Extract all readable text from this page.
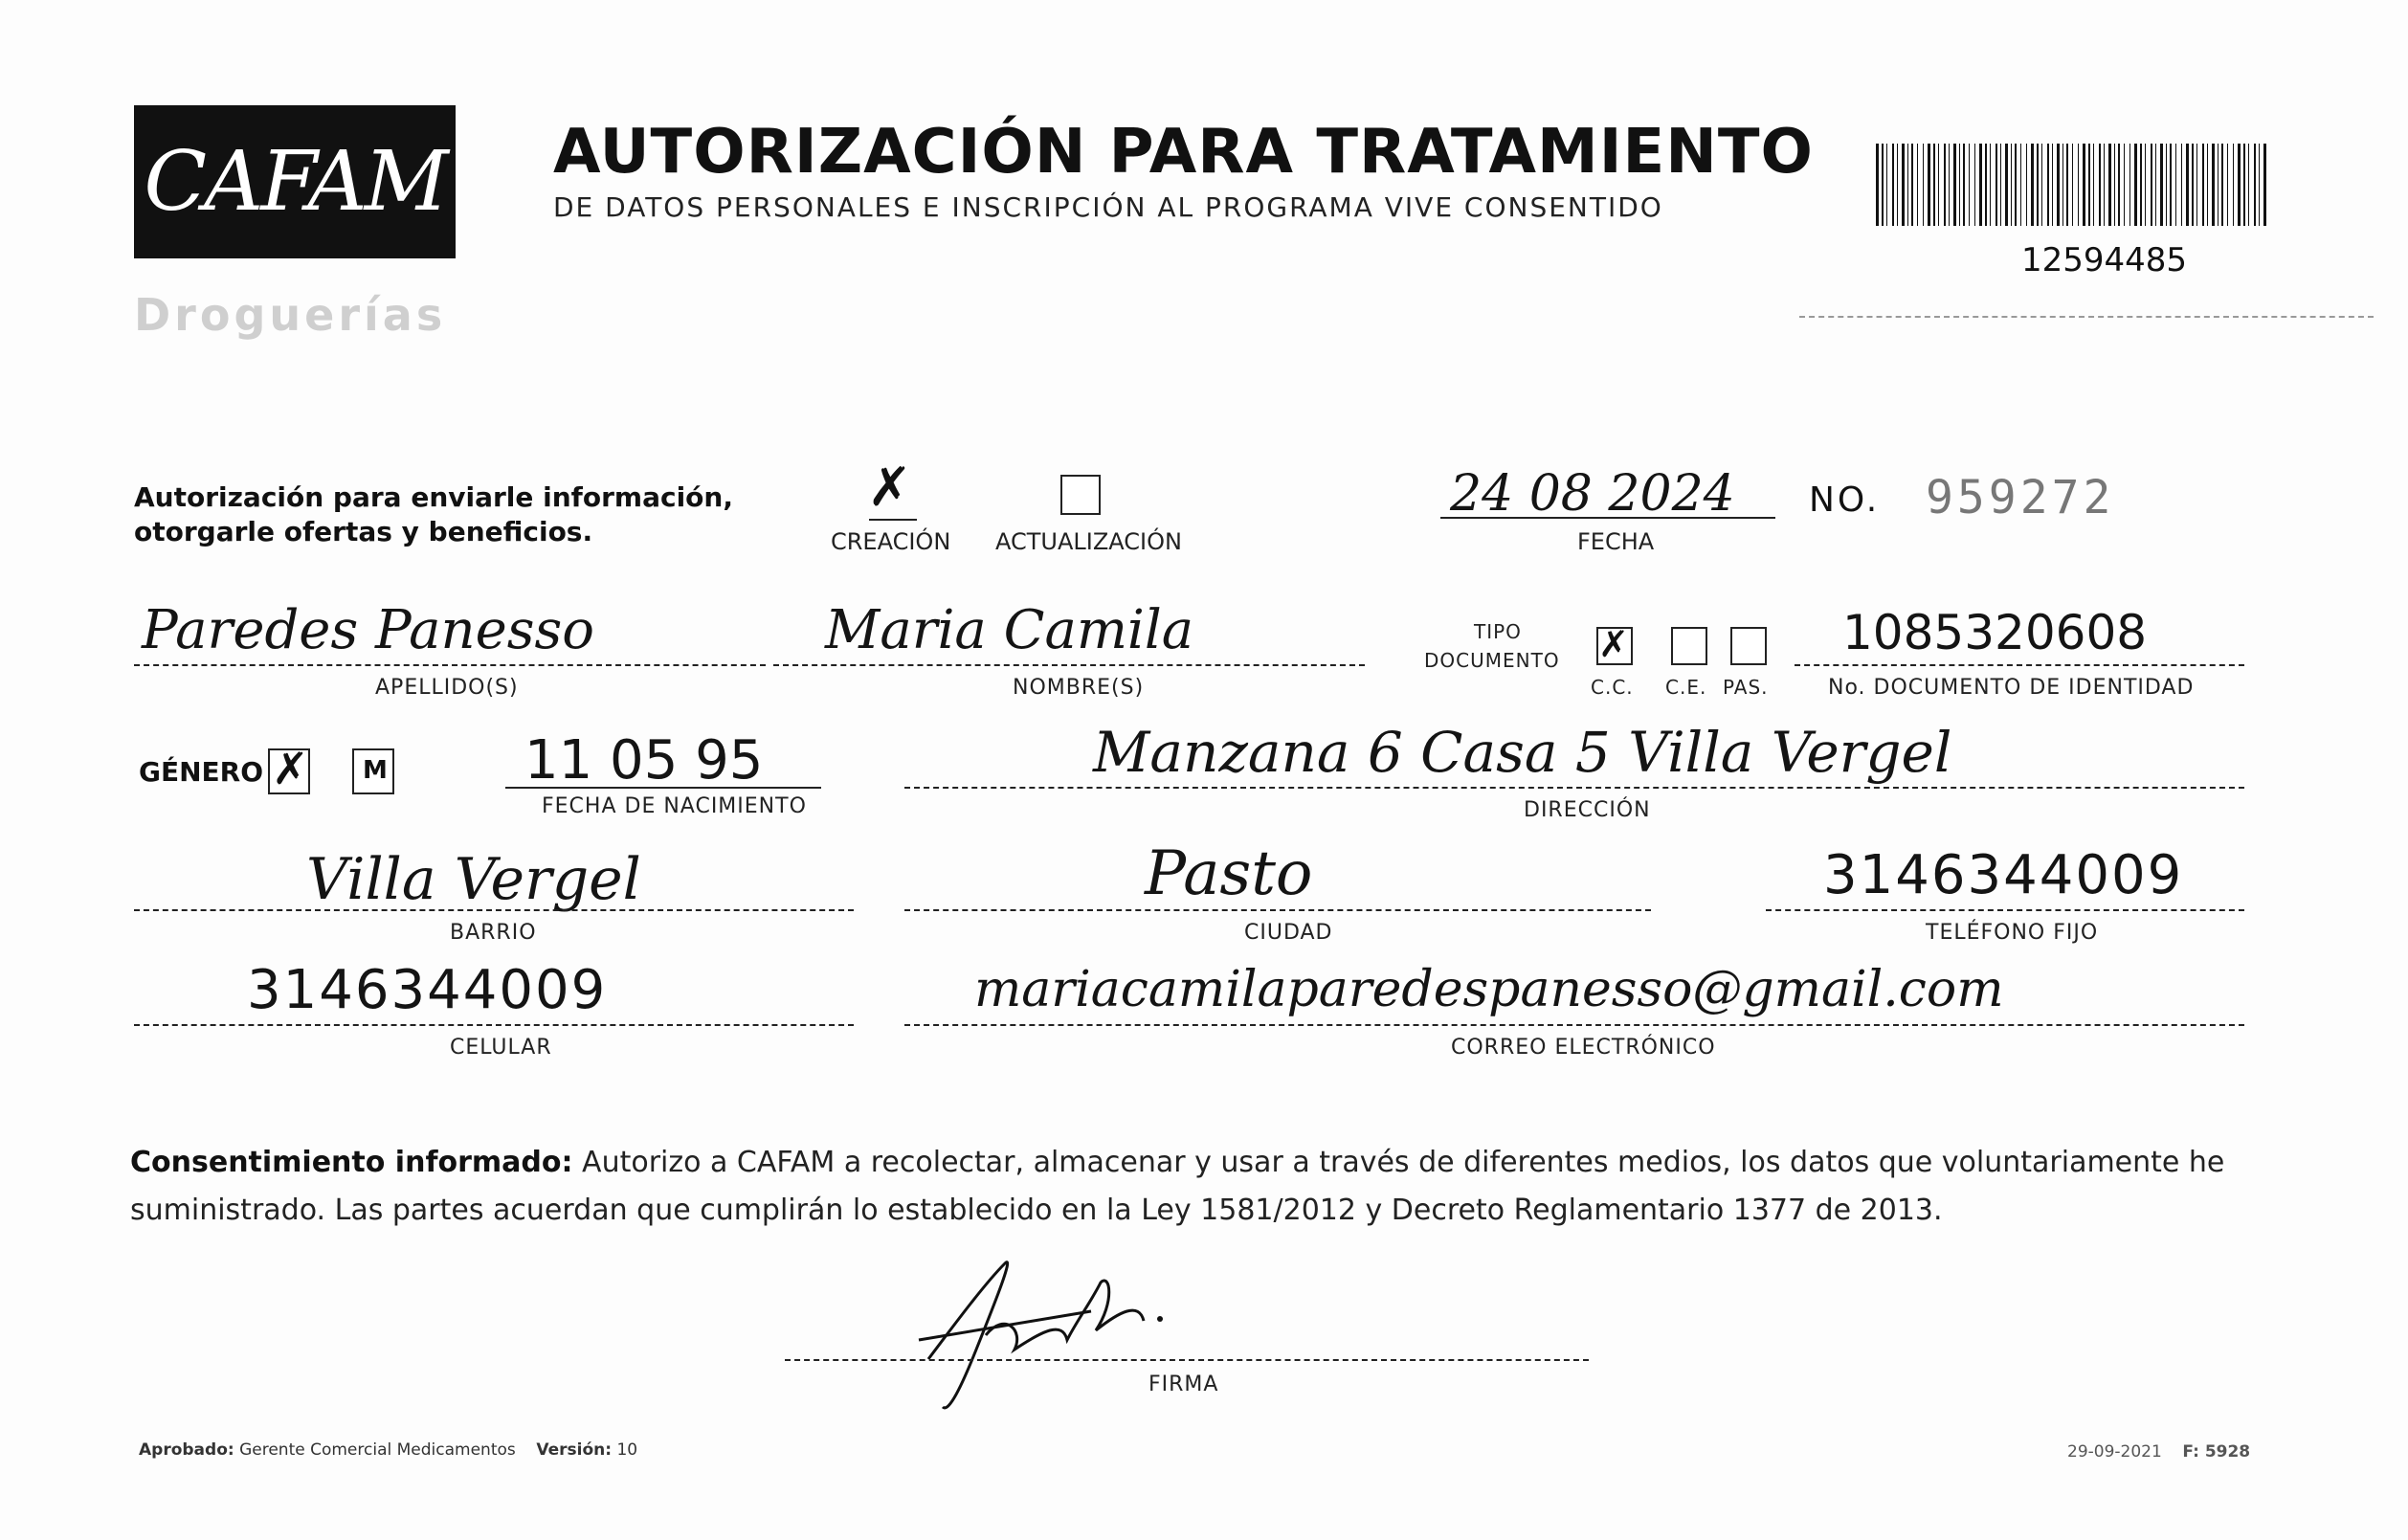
CAFAM
Droguerías
AUTORIZACIÓN PARA TRATAMIENTO
DE DATOS PERSONALES E INSCRIPCIÓN AL PROGRAMA VIVE CONSENTIDO
12594485
Autorización para enviarle información,
otorgarle ofertas y beneficios.
✗
CREACIÓN ACTUALIZACIÓN
24 08 2024
FECHA
NO. 959272
Paredes Panesso
APELLIDO(S)
Maria Camila
NOMBRE(S)
TIPO
DOCUMENTO ✗
C.C. C.E. PAS.
1085320608
No. DOCUMENTO DE IDENTIDAD
GÉNERO ✗ M	11 05 95
FECHA DE NACIMIENTO
Manzana 6 Casa 5 Villa Vergel
DIRECCIÓN
Villa Vergel
BARRIO
Pasto
CIUDAD
3146344009
TELÉFONO FIJO
3146344009
CELULAR
mariacamilaparedespanesso@gmail.com
CORREO ELECTRÓNICO
Consentimiento informado: Autorizo a CAFAM a recolectar, almacenar y usar a través de diferentes medios, los datos que voluntariamente he suministrado. Las partes acuerdan que cumplirán lo establecido en la Ley 1581/2012 y Decreto Reglamentario 1377 de 2013.
FIRMA
Aprobado: Gerente Comercial Medicamentos Versión: 10	29-09-2021 F: 5928
